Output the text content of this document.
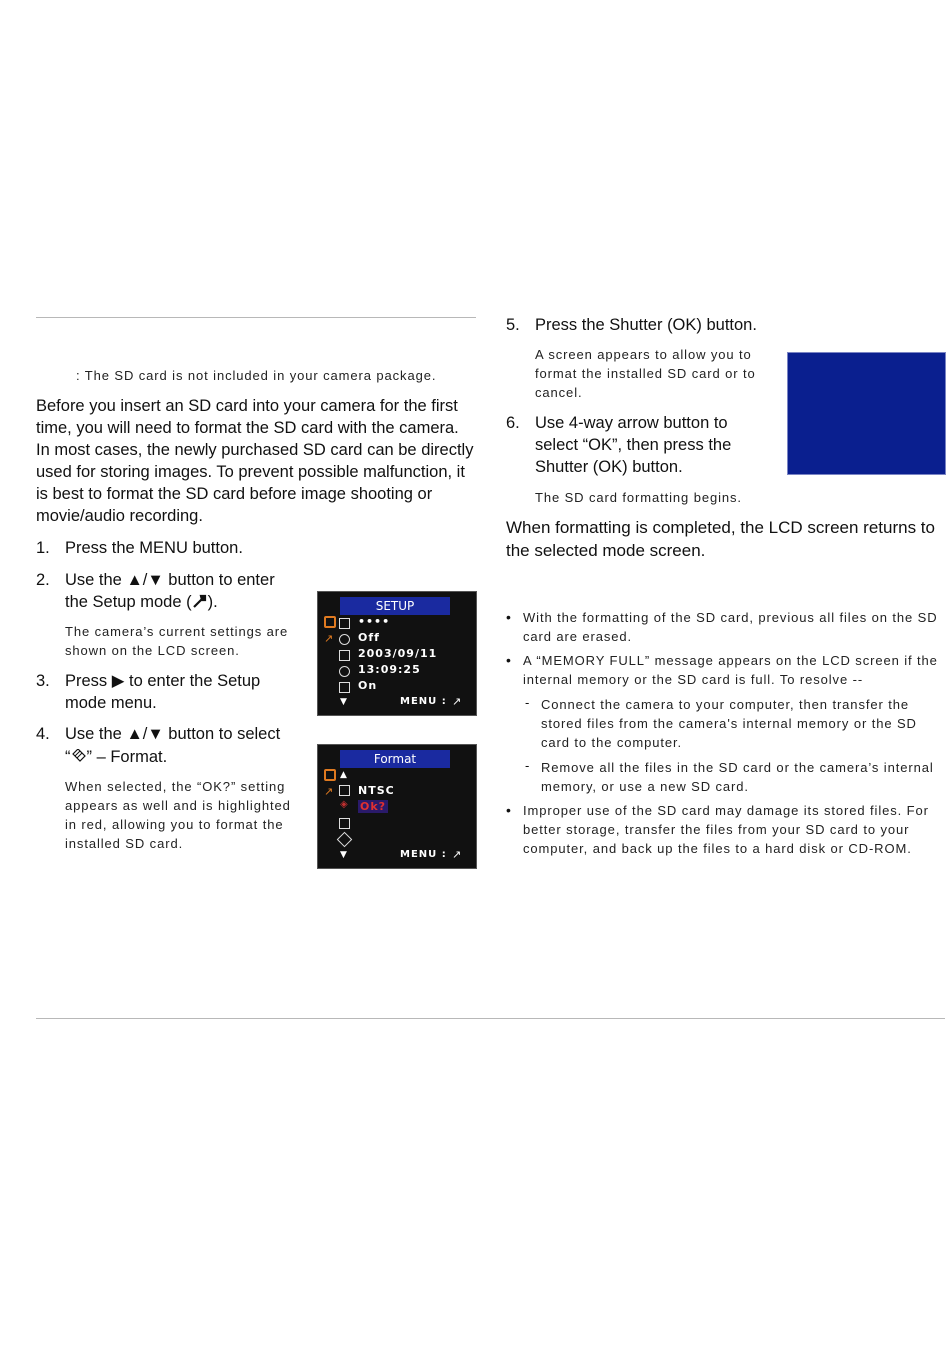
: The SD card is not included in your camera package.
Before you insert an SD card into your camera for the first time, you will need to format the SD card with the camera. In most cases, the newly purchased SD card can be directly used for storing images. To prevent possible malfunction, it is best to format the SD card before image shooting or movie/audio recording.
1. Press the MENU button.
2. Use the ▲/▼ button to enter
the Setup mode ( ).
The camera’s current settings are shown on the LCD screen.
3. Press ▶ to enter the Setup
mode menu.
4. Use the ▲/▼ button to select
“ ” – Format.
When selected, the “OK?” setting appears as well and is highlighted in red, allowing you to format the installed SD card.
SETUP
↗
▼
••••
Off
2003/09/11
13:09:25
On
MENU : ↗
Format
↗
▲
◈
▼
NTSC
Ok?
MENU : ↗
5. Press the Shutter (OK) button.
A screen appears to allow you to format the installed SD card or to cancel.
6. Use 4-way arrow button to
select “OK”, then press the
Shutter (OK) button.
The SD card formatting begins.
When formatting is completed, the LCD screen returns to the selected mode screen.
• With the formatting of the SD card, previous all files on the SD card are erased.
• A “MEMORY FULL” message appears on the LCD screen if the internal memory or the SD card is full. To resolve --
- Connect the camera to your computer, then transfer the stored files from the camera's internal memory or the SD card to the computer.
- Remove all the files in the SD card or the camera’s internal memory, or use a new SD card.
• Improper use of the SD card may damage its stored files. For better storage, transfer the files from your SD card to your computer, and back up the files to a hard disk or CD-ROM.
